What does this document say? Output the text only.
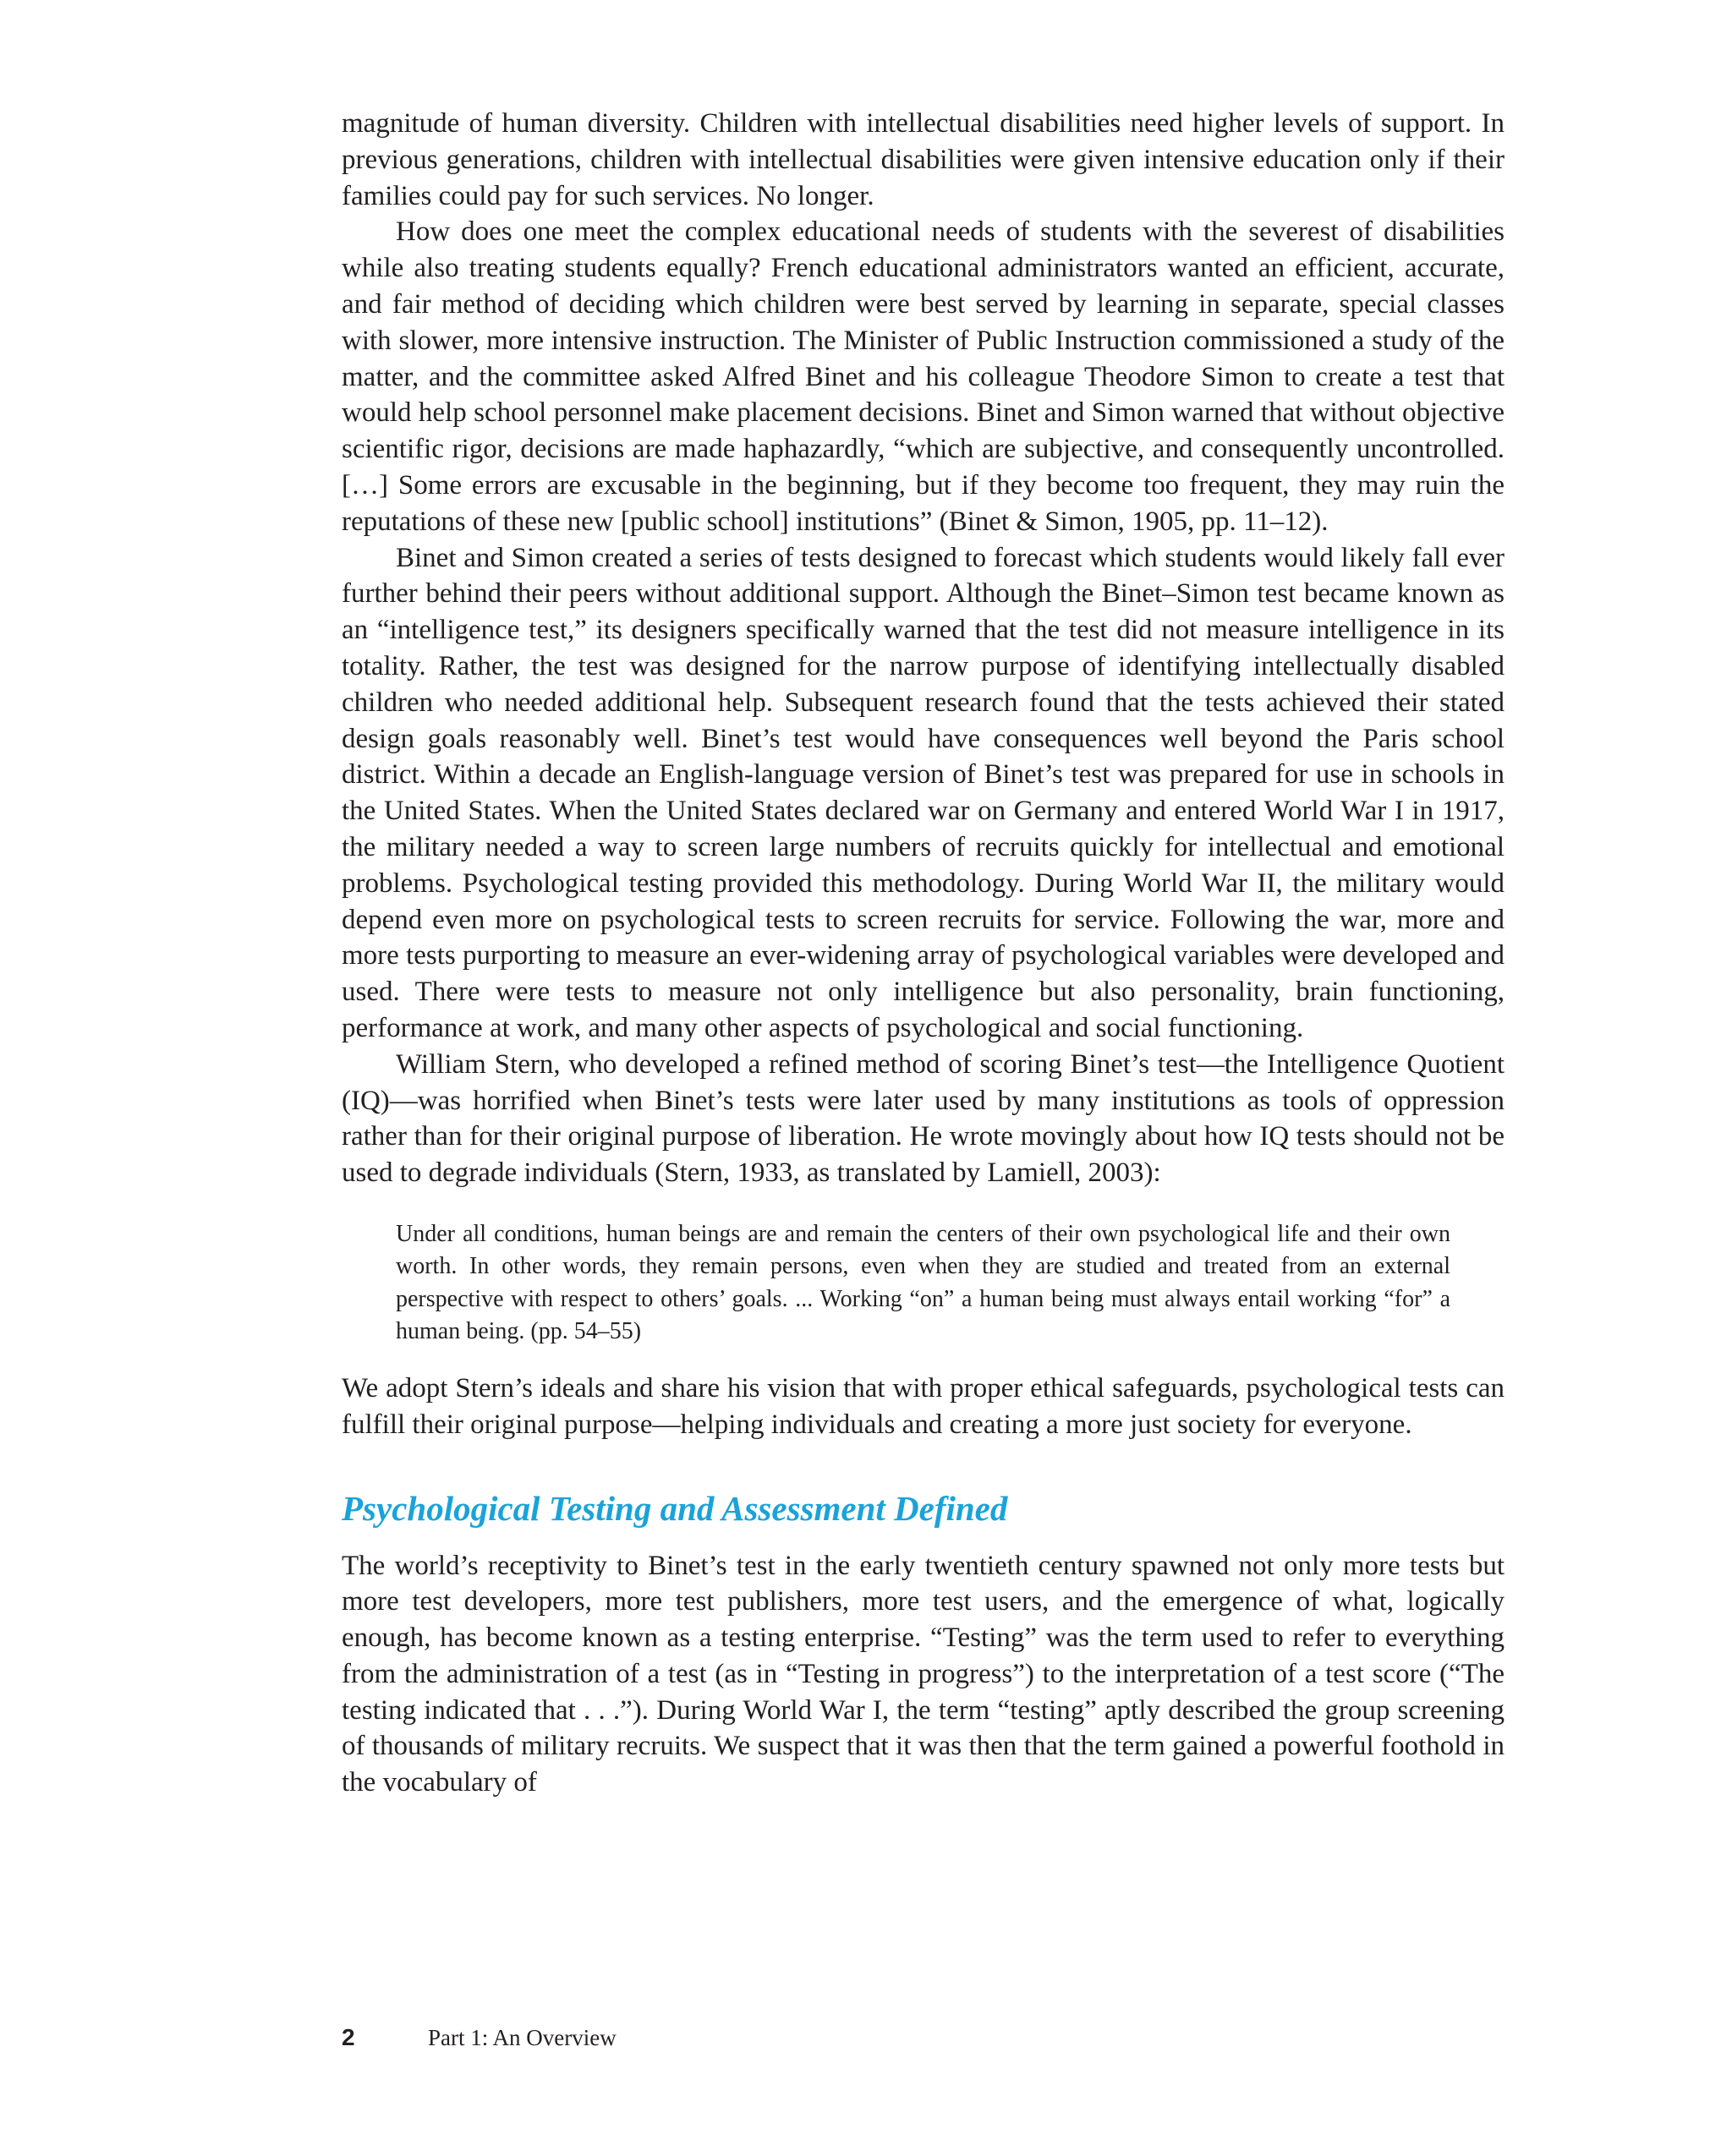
magnitude of human diversity. Children with intellectual disabilities need higher levels of support. In previous generations, children with intellectual disabilities were given intensive education only if their families could pay for such services. No longer.

How does one meet the complex educational needs of students with the severest of disabilities while also treating students equally? French educational administrators wanted an efficient, accurate, and fair method of deciding which children were best served by learning in separate, special classes with slower, more intensive instruction. The Minister of Public Instruction commissioned a study of the matter, and the committee asked Alfred Binet and his colleague Theodore Simon to create a test that would help school personnel make placement decisions. Binet and Simon warned that without objective scientific rigor, decisions are made haphazardly, “which are subjective, and consequently uncontrolled. […] Some errors are excusable in the beginning, but if they become too frequent, they may ruin the reputations of these new [public school] institutions” (Binet & Simon, 1905, pp. 11–12).

Binet and Simon created a series of tests designed to forecast which students would likely fall ever further behind their peers without additional support. Although the Binet–Simon test became known as an “intelligence test,” its designers specifically warned that the test did not measure intelligence in its totality. Rather, the test was designed for the narrow purpose of identifying intellectually disabled children who needed additional help. Subsequent research found that the tests achieved their stated design goals reasonably well. Binet’s test would have consequences well beyond the Paris school district. Within a decade an English-language version of Binet’s test was prepared for use in schools in the United States. When the United States declared war on Germany and entered World War I in 1917, the military needed a way to screen large numbers of recruits quickly for intellectual and emotional problems. Psychological testing provided this methodology. During World War II, the military would depend even more on psychological tests to screen recruits for service. Following the war, more and more tests purporting to measure an ever-widening array of psychological variables were developed and used. There were tests to measure not only intelligence but also personality, brain functioning, performance at work, and many other aspects of psychological and social functioning.

William Stern, who developed a refined method of scoring Binet’s test—the Intelligence Quotient (IQ)—was horrified when Binet’s tests were later used by many institutions as tools of oppression rather than for their original purpose of liberation. He wrote movingly about how IQ tests should not be used to degrade individuals (Stern, 1933, as translated by Lamiell, 2003):

Under all conditions, human beings are and remain the centers of their own psychological life and their own worth. In other words, they remain persons, even when they are studied and treated from an external perspective with respect to others’ goals. ... Working “on” a human being must always entail working “for” a human being. (pp. 54–55)

We adopt Stern’s ideals and share his vision that with proper ethical safeguards, psychological tests can fulfill their original purpose—helping individuals and creating a more just society for everyone.

Psychological Testing and Assessment Defined

The world’s receptivity to Binet’s test in the early twentieth century spawned not only more tests but more test developers, more test publishers, more test users, and the emergence of what, logically enough, has become known as a testing enterprise. “Testing” was the term used to refer to everything from the administration of a test (as in “Testing in progress”) to the interpretation of a test score (“The testing indicated that . . .”). During World War I, the term “testing” aptly described the group screening of thousands of military recruits. We suspect that it was then that the term gained a powerful foothold in the vocabulary of

2	Part 1: An Overview
